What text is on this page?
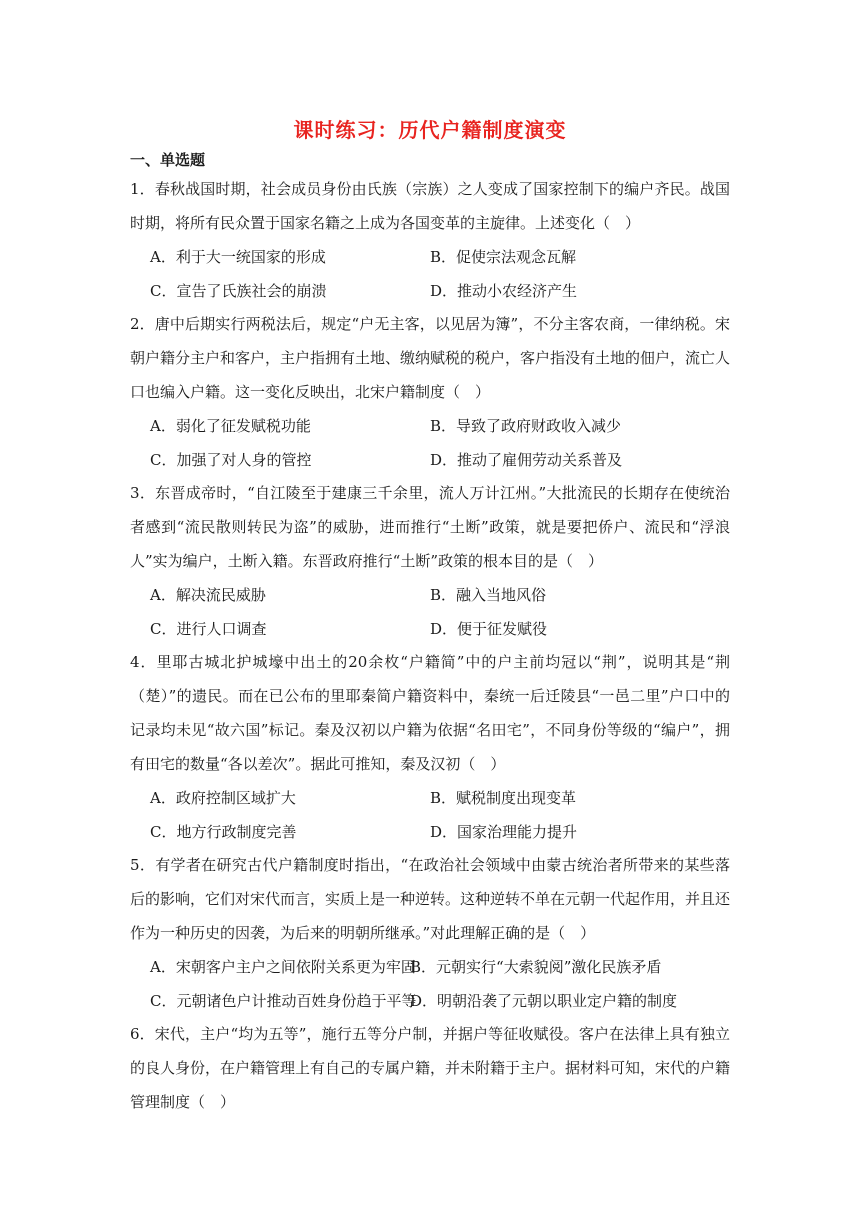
课时练习：历代户籍制度演变
一、单选题
1．春秋战国时期，社会成员身份由氏族（宗族）之人变成了国家控制下的编户齐民。战国时期，将所有民众置于国家名籍之上成为各国变革的主旋律。上述变化（　）
A．利于大一统国家的形成	B．促使宗法观念瓦解
C．宣告了氏族社会的崩溃	D．推动小农经济产生
2．唐中后期实行两税法后，规定“户无主客，以见居为簿”，不分主客农商，一律纳税。宋朝户籍分主户和客户，主户指拥有土地、缴纳赋税的税户，客户指没有土地的佃户，流亡人口也编入户籍。这一变化反映出，北宋户籍制度（　）
A．弱化了征发赋税功能	B．导致了政府财政收入减少
C．加强了对人身的管控	D．推动了雇佣劳动关系普及
3．东晋成帝时，“自江陵至于建康三千余里，流人万计江州。”大批流民的长期存在使统治者感到“流民散则转民为盗”的威胁，进而推行“土断”政策，就是要把侨户、流民和“浮浪人”实为编户，土断入籍。东晋政府推行“土断”政策的根本目的是（　）
A．解决流民威胁	B．融入当地风俗
C．进行人口调查	D．便于征发赋役
4．里耶古城北护城壕中出土的20余枚“户籍简”中的户主前均冠以“荆”，说明其是“荆（楚）”的遗民。而在已公布的里耶秦简户籍资料中，秦统一后迁陵县“一邑二里”户口中的记录均未见“故六国”标记。秦及汉初以户籍为依据“名田宅”，不同身份等级的“编户”，拥有田宅的数量“各以差次”。据此可推知，秦及汉初（　）
A．政府控制区域扩大	B．赋税制度出现变革
C．地方行政制度完善	D．国家治理能力提升
5．有学者在研究古代户籍制度时指出，“在政治社会领域中由蒙古统治者所带来的某些落后的影响，它们对宋代而言，实质上是一种逆转。这种逆转不单在元朝一代起作用，并且还作为一种历史的因袭，为后来的明朝所继承。”对此理解正确的是（　）
A．宋朝客户主户之间依附关系更为牢固
B．元朝实行“大索貌阅”激化民族矛盾
C．元朝诸色户计推动百姓身份趋于平等
D．明朝沿袭了元朝以职业定户籍的制度
6．宋代，主户“均为五等”，施行五等分户制，并据户等征收赋役。客户在法律上具有独立的良人身份，在户籍管理上有自己的专属户籍，并未附籍于主户。据材料可知，宋代的户籍管理制度（　）
